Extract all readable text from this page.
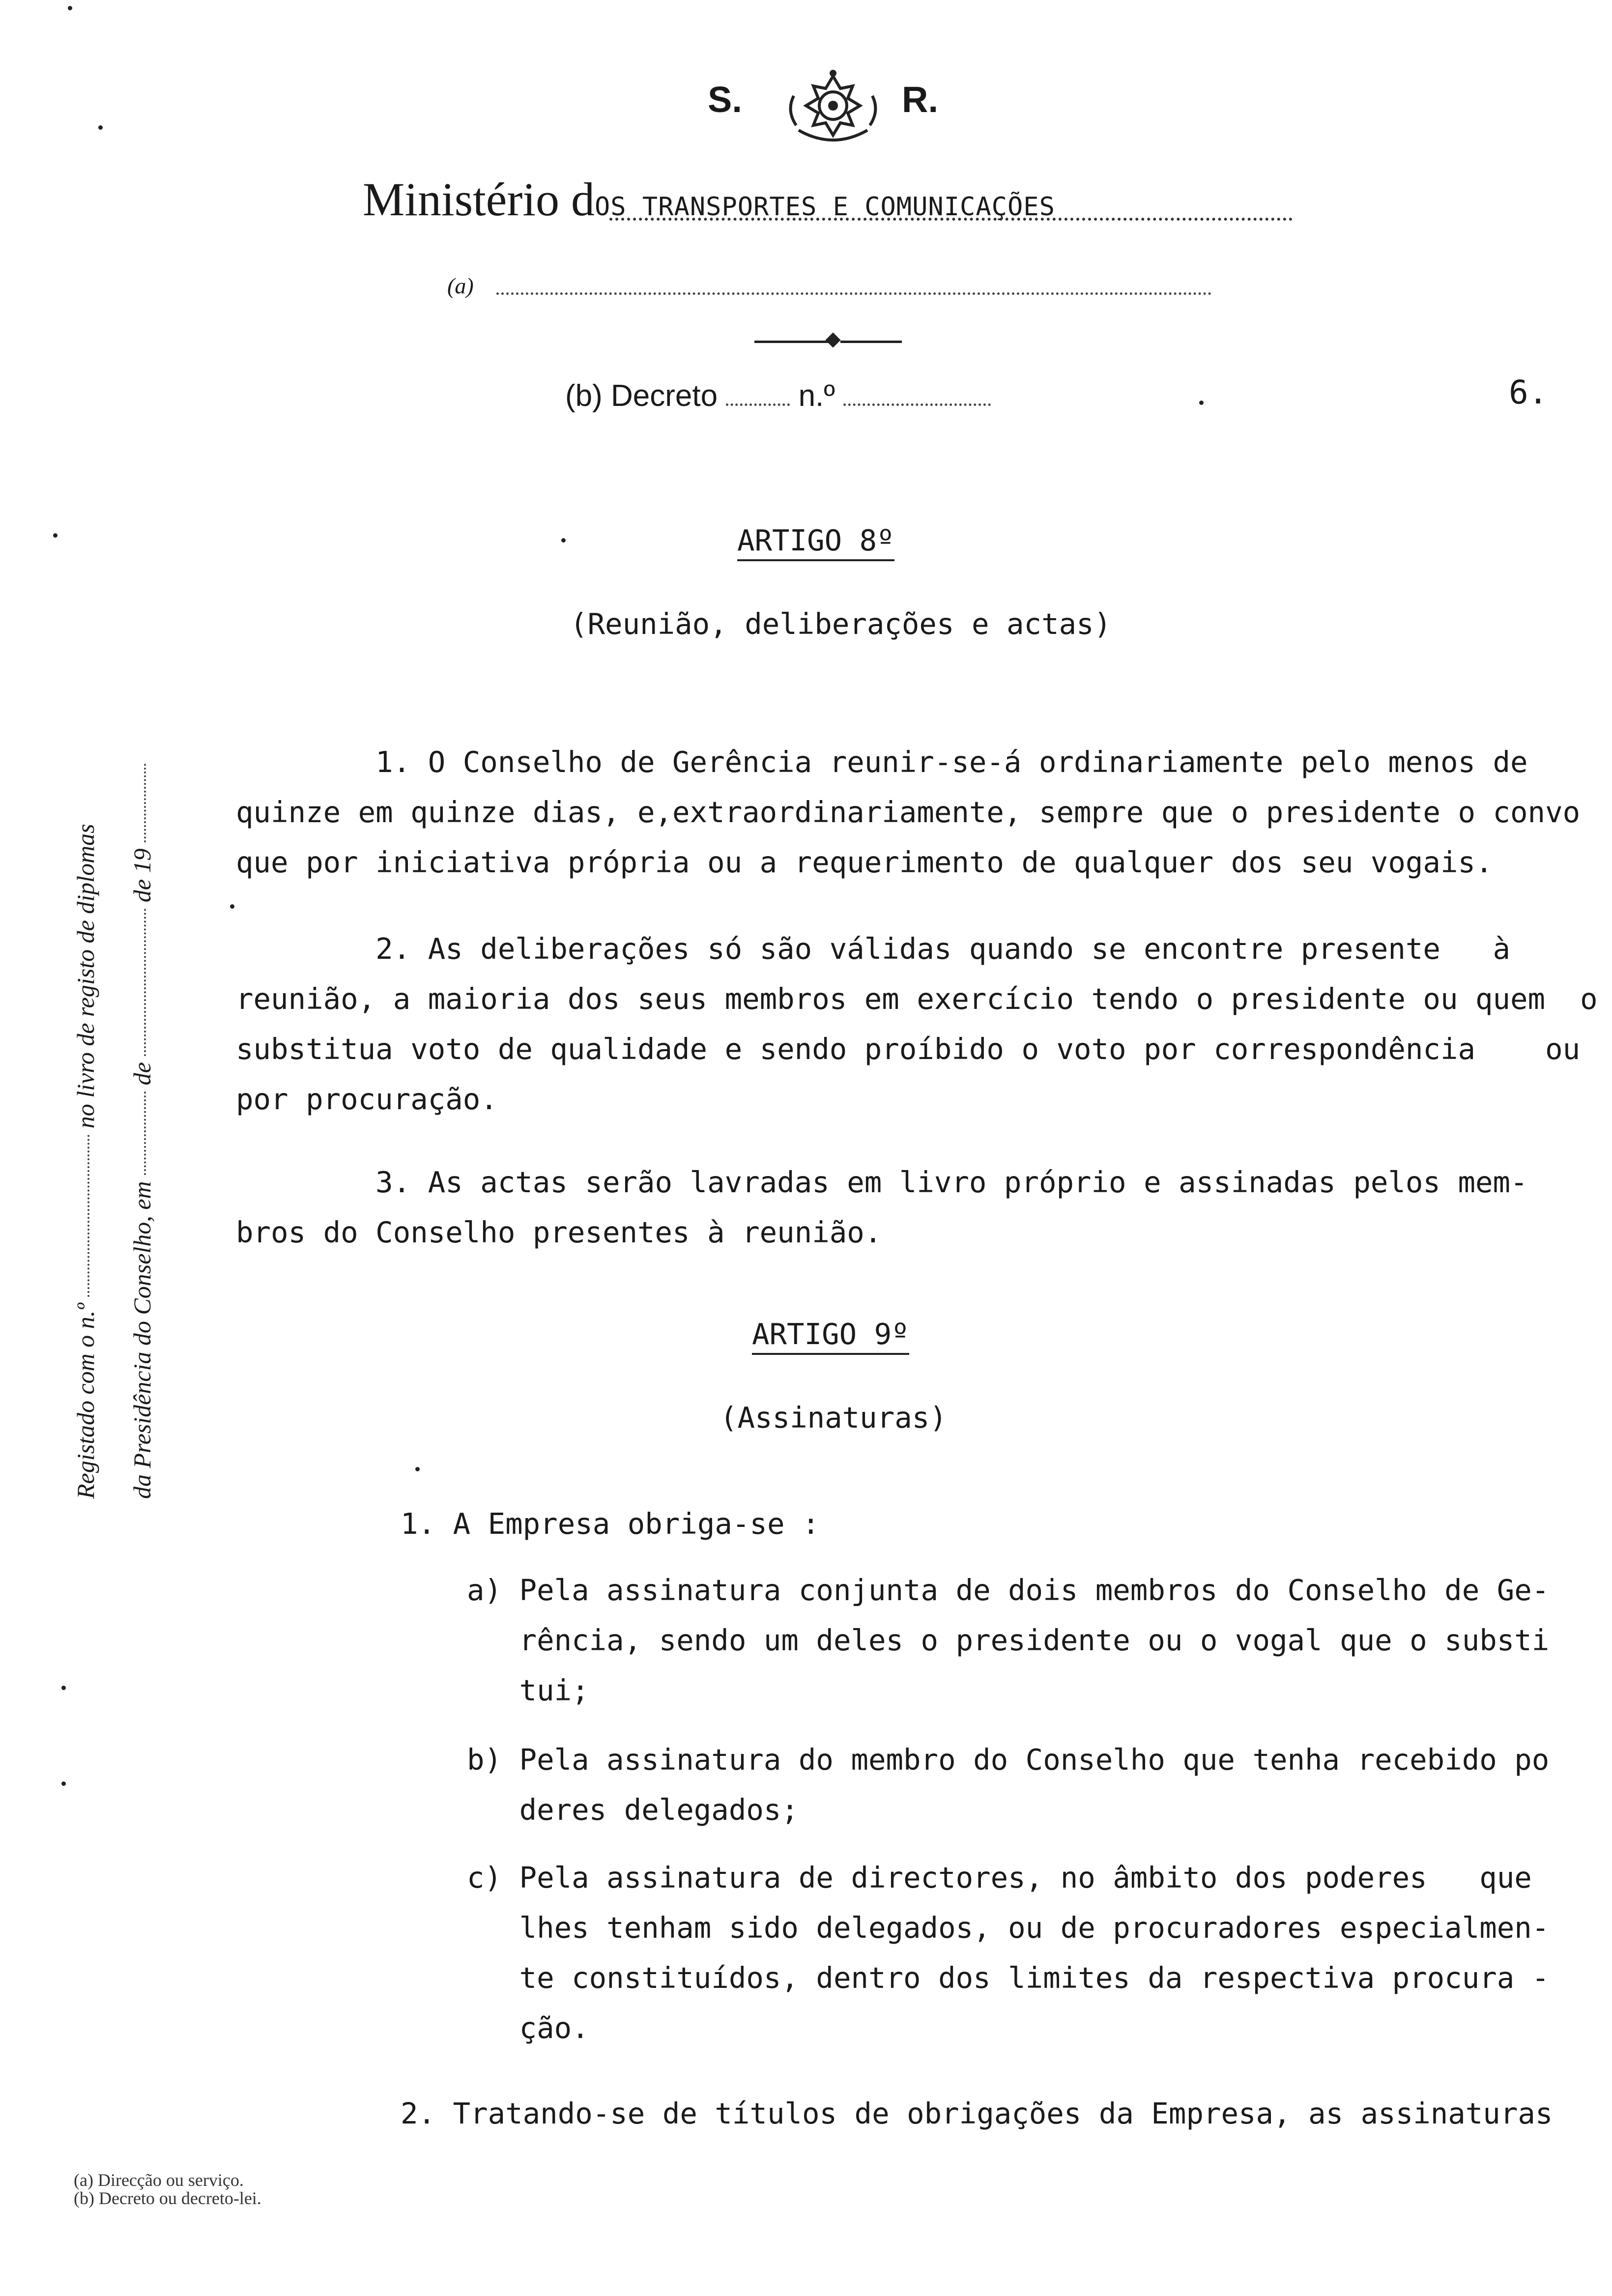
S.	R.
Ministério dOS TRANSPORTES E COMUNICAÇÕES
(a)
(b) Decreto	n.º	6.
Registado com o n.º  no livro de registo de diplomas
da Presidência do Conselho, em  de  de 19
ARTIGO 8º
(Reunião, deliberações e actas)
1. O Conselho de Gerência reunir-se-á ordinariamente pelo menos de
quinze em quinze dias, e,extraordinariamente, sempre que o presidente o convo
que por iniciativa própria ou a requerimento de qualquer dos seu vogais.
2. As deliberações só são válidas quando se encontre presente   à
reunião, a maioria dos seus membros em exercício tendo o presidente ou quem  o
substitua voto de qualidade e sendo proíbido o voto por correspondência    ou
por procuração.
3. As actas serão lavradas em livro próprio e assinadas pelos mem-
bros do Conselho presentes à reunião.
ARTIGO 9º
(Assinaturas)
1. A Empresa obriga-se :
a) Pela assinatura conjunta de dois membros do Conselho de Ge-
rência, sendo um deles o presidente ou o vogal que o substi
tui;
b) Pela assinatura do membro do Conselho que tenha recebido po
deres delegados;
c) Pela assinatura de directores, no âmbito dos poderes   que
lhes tenham sido delegados, ou de procuradores especialmen-
te constituídos, dentro dos limites da respectiva procura -
ção.
2. Tratando-se de títulos de obrigações da Empresa, as assinaturas
(a) Direcção ou serviço.
(b) Decreto ou decreto-lei.
